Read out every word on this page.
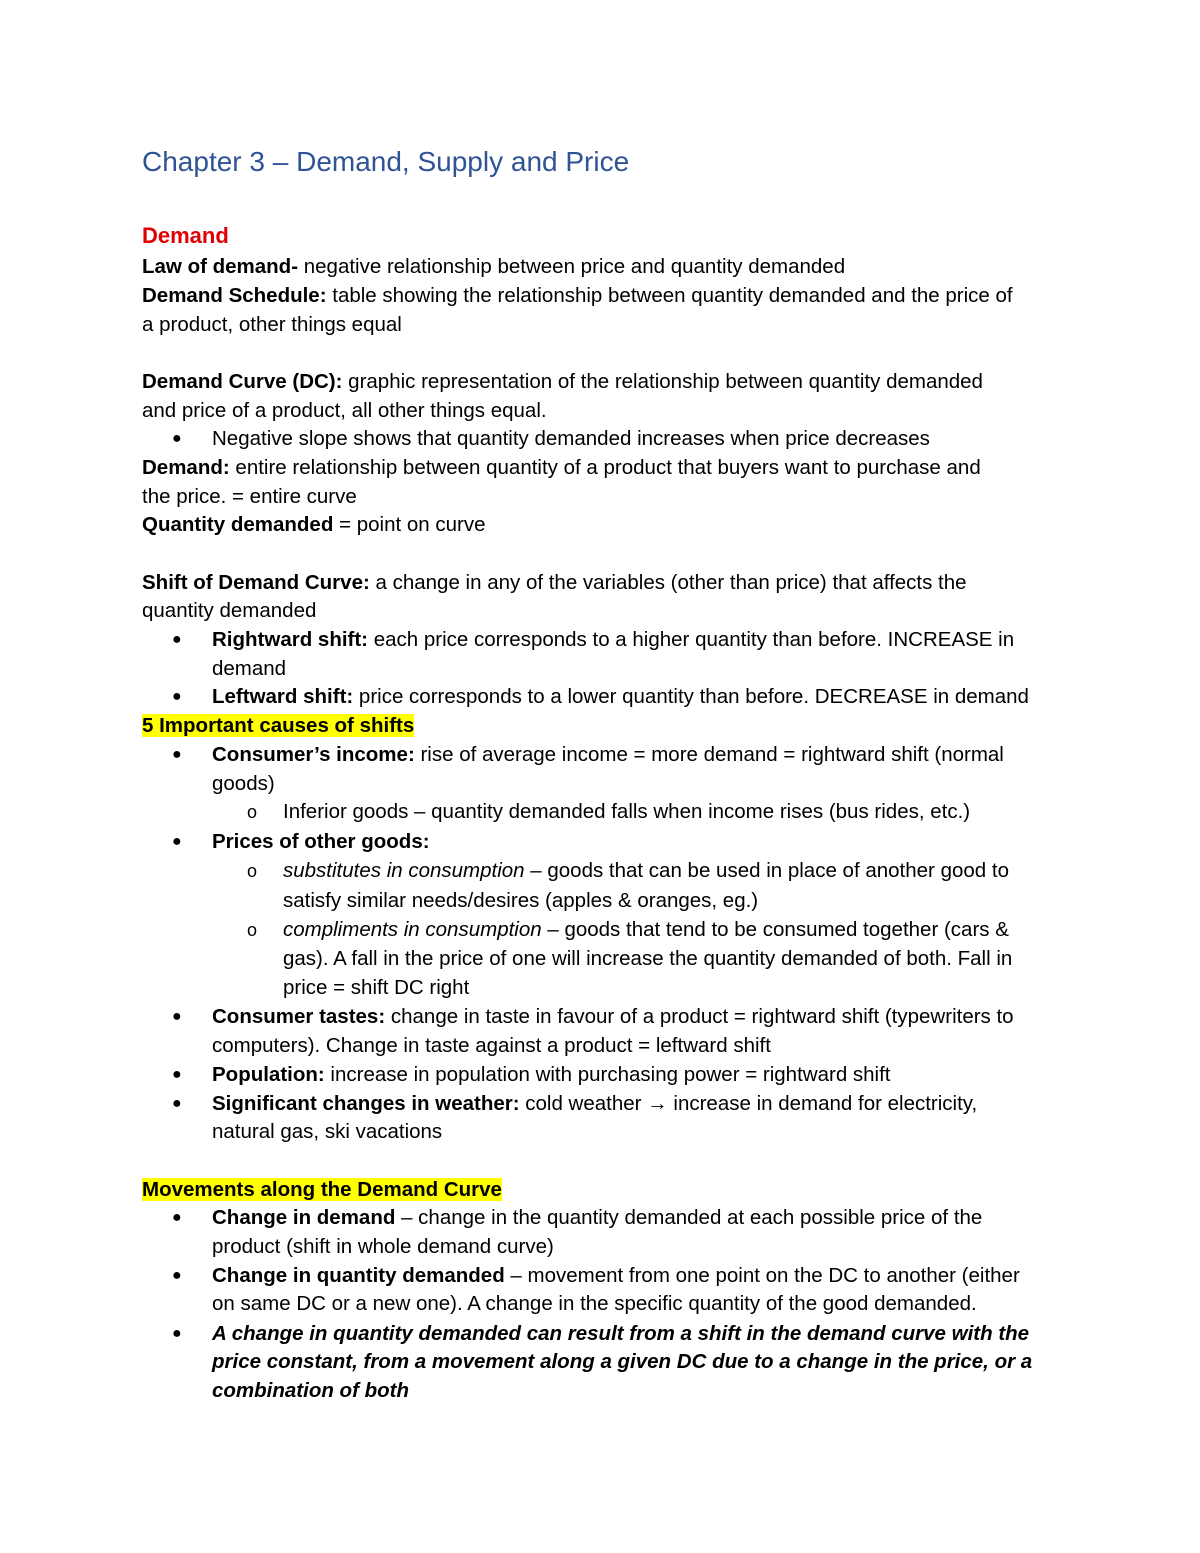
Chapter 3 – Demand, Supply and Price
Demand
Law of demand- negative relationship between price and quantity demanded
Demand Schedule: table showing the relationship between quantity demanded and the price of
a product, other things equal
Demand Curve (DC): graphic representation of the relationship between quantity demanded
and price of a product, all other things equal.
● Negative slope shows that quantity demanded increases when price decreases
Demand: entire relationship between quantity of a product that buyers want to purchase and
the price. = entire curve
Quantity demanded = point on curve
Shift of Demand Curve: a change in any of the variables (other than price) that affects the
quantity demanded
● Rightward shift: each price corresponds to a higher quantity than before. INCREASE in
demand
● Leftward shift: price corresponds to a lower quantity than before. DECREASE in demand
5 Important causes of shifts
● Consumer’s income: rise of average income = more demand = rightward shift (normal
goods)
o Inferior goods – quantity demanded falls when income rises (bus rides, etc.)
● Prices of other goods:
o substitutes in consumption – goods that can be used in place of another good to
satisfy similar needs/desires (apples & oranges, eg.)
o compliments in consumption – goods that tend to be consumed together (cars &
gas). A fall in the price of one will increase the quantity demanded of both. Fall in
price = shift DC right
● Consumer tastes: change in taste in favour of a product = rightward shift (typewriters to
computers). Change in taste against a product = leftward shift
● Population: increase in population with purchasing power = rightward shift
● Significant changes in weather: cold weather → increase in demand for electricity,
natural gas, ski vacations
Movements along the Demand Curve
● Change in demand – change in the quantity demanded at each possible price of the
product (shift in whole demand curve)
● Change in quantity demanded – movement from one point on the DC to another (either
on same DC or a new one). A change in the specific quantity of the good demanded.
● A change in quantity demanded can result from a shift in the demand curve with the
price constant, from a movement along a given DC due to a change in the price, or a
combination of both
